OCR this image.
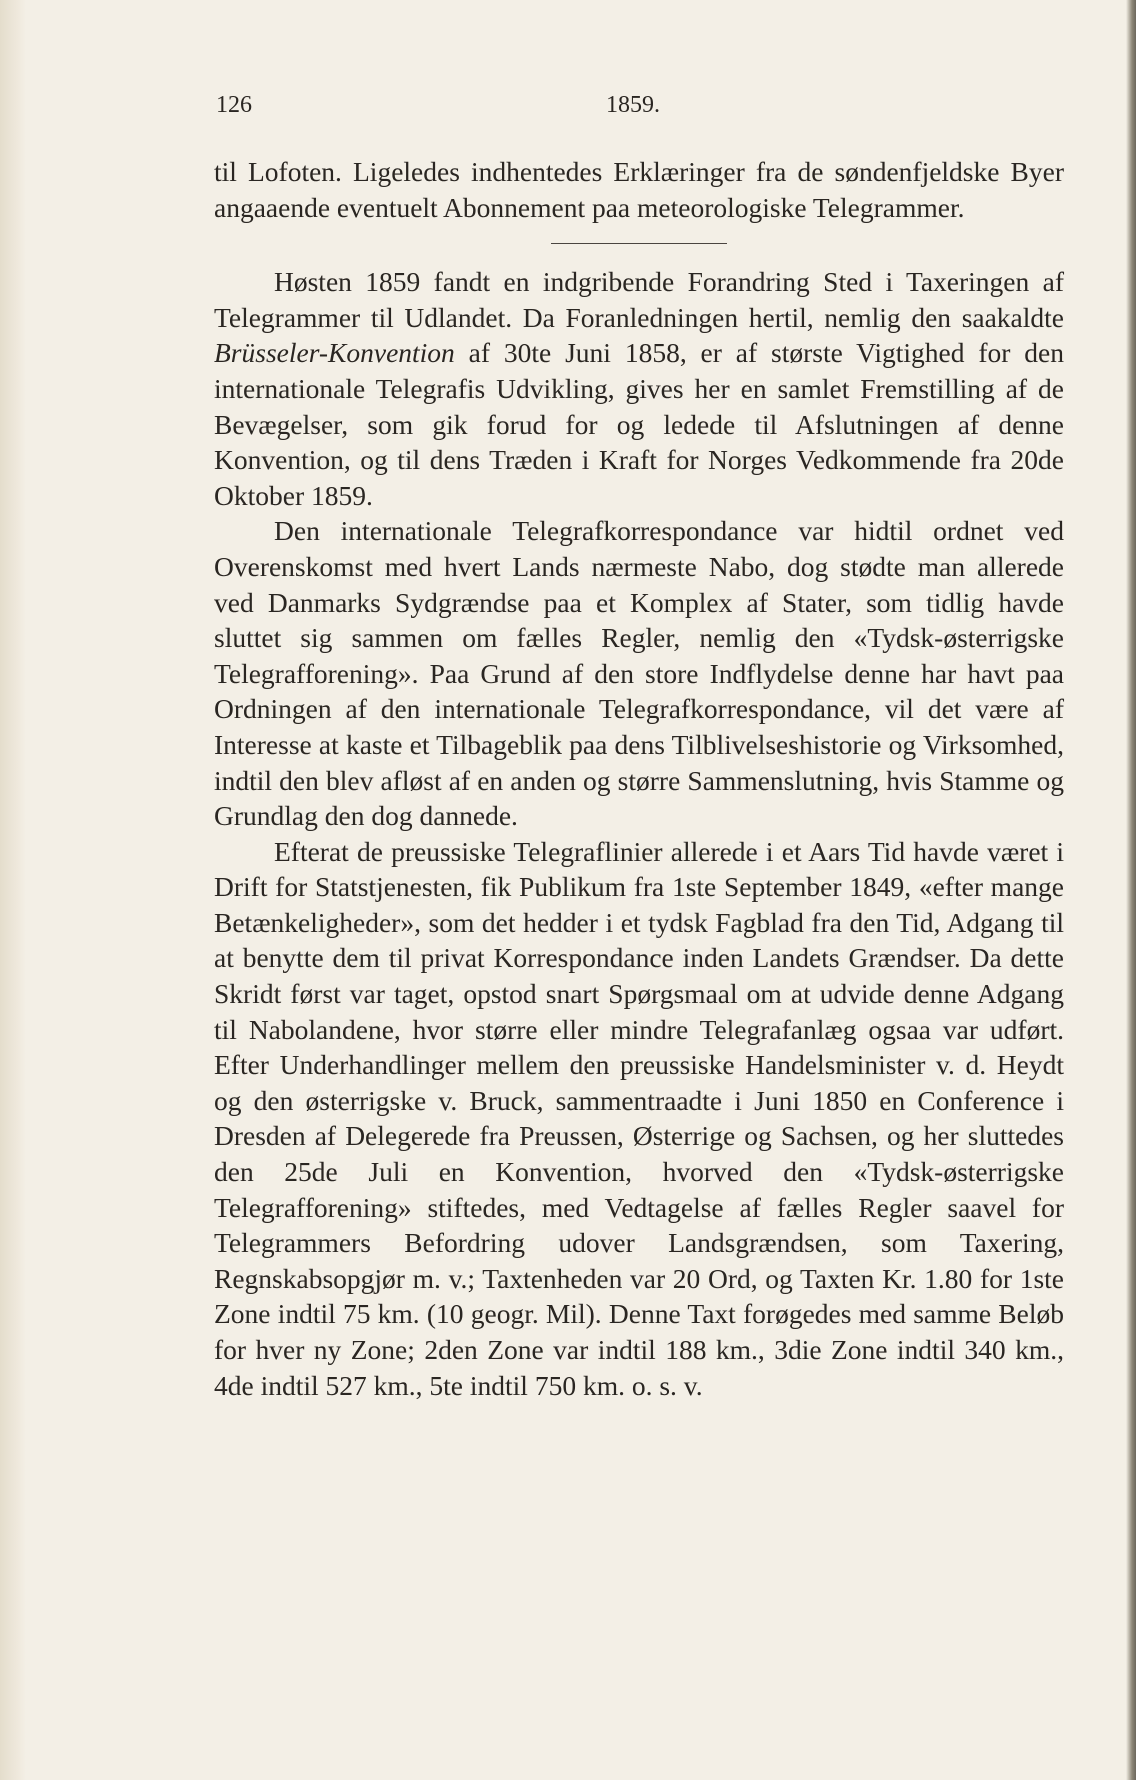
126	1859.

til Lofoten. Ligeledes indhentedes Erklæringer fra de søndenfjeldske Byer angaaende eventuelt Abonnement paa meteorologiske Telegrammer.

Høsten 1859 fandt en indgribende Forandring Sted i Taxeringen af Telegrammer til Udlandet. Da Foranledningen hertil, nemlig den saakaldte Brüsseler-Konvention af 30te Juni 1858, er af største Vigtighed for den internationale Telegrafis Udvikling, gives her en samlet Fremstilling af de Bevægelser, som gik forud for og ledede til Afslutningen af denne Konvention, og til dens Træden i Kraft for Norges Vedkommende fra 20de Oktober 1859.

Den internationale Telegrafkorrespondance var hidtil ordnet ved Overenskomst med hvert Lands nærmeste Nabo, dog stødte man allerede ved Danmarks Sydgrændse paa et Komplex af Stater, som tidlig havde sluttet sig sammen om fælles Regler, nemlig den «Tydsk-østerrigske Telegrafforening». Paa Grund af den store Indflydelse denne har havt paa Ordningen af den internationale Telegrafkorrespondance, vil det være af Interesse at kaste et Tilbageblik paa dens Tilblivelseshistorie og Virksomhed, indtil den blev afløst af en anden og større Sammenslutning, hvis Stamme og Grundlag den dog dannede.

Efterat de preussiske Telegraflinier allerede i et Aars Tid havde været i Drift for Statstjenesten, fik Publikum fra 1ste September 1849, «efter mange Betænkeligheder», som det hedder i et tydsk Fagblad fra den Tid, Adgang til at benytte dem til privat Korrespondance inden Landets Grændser. Da dette Skridt først var taget, opstod snart Spørgsmaal om at udvide denne Adgang til Nabolandene, hvor større eller mindre Telegrafanlæg ogsaa var udført. Efter Underhandlinger mellem den preussiske Handelsminister v. d. Heydt og den østerrigske v. Bruck, sammentraadte i Juni 1850 en Conference i Dresden af Delegerede fra Preussen, Østerrige og Sachsen, og her sluttedes den 25de Juli en Konvention, hvorved den «Tydsk-østerrigske Telegrafforening» stiftedes, med Vedtagelse af fælles Regler saavel for Telegrammers Befordring udover Landsgrændsen, som Taxering, Regnskabsopgjør m. v.; Taxtenheden var 20 Ord, og Taxten Kr. 1.80 for 1ste Zone indtil 75 km. (10 geogr. Mil). Denne Taxt forøgedes med samme Beløb for hver ny Zone; 2den Zone var indtil 188 km., 3die Zone indtil 340 km., 4de indtil 527 km., 5te indtil 750 km. o. s. v.
